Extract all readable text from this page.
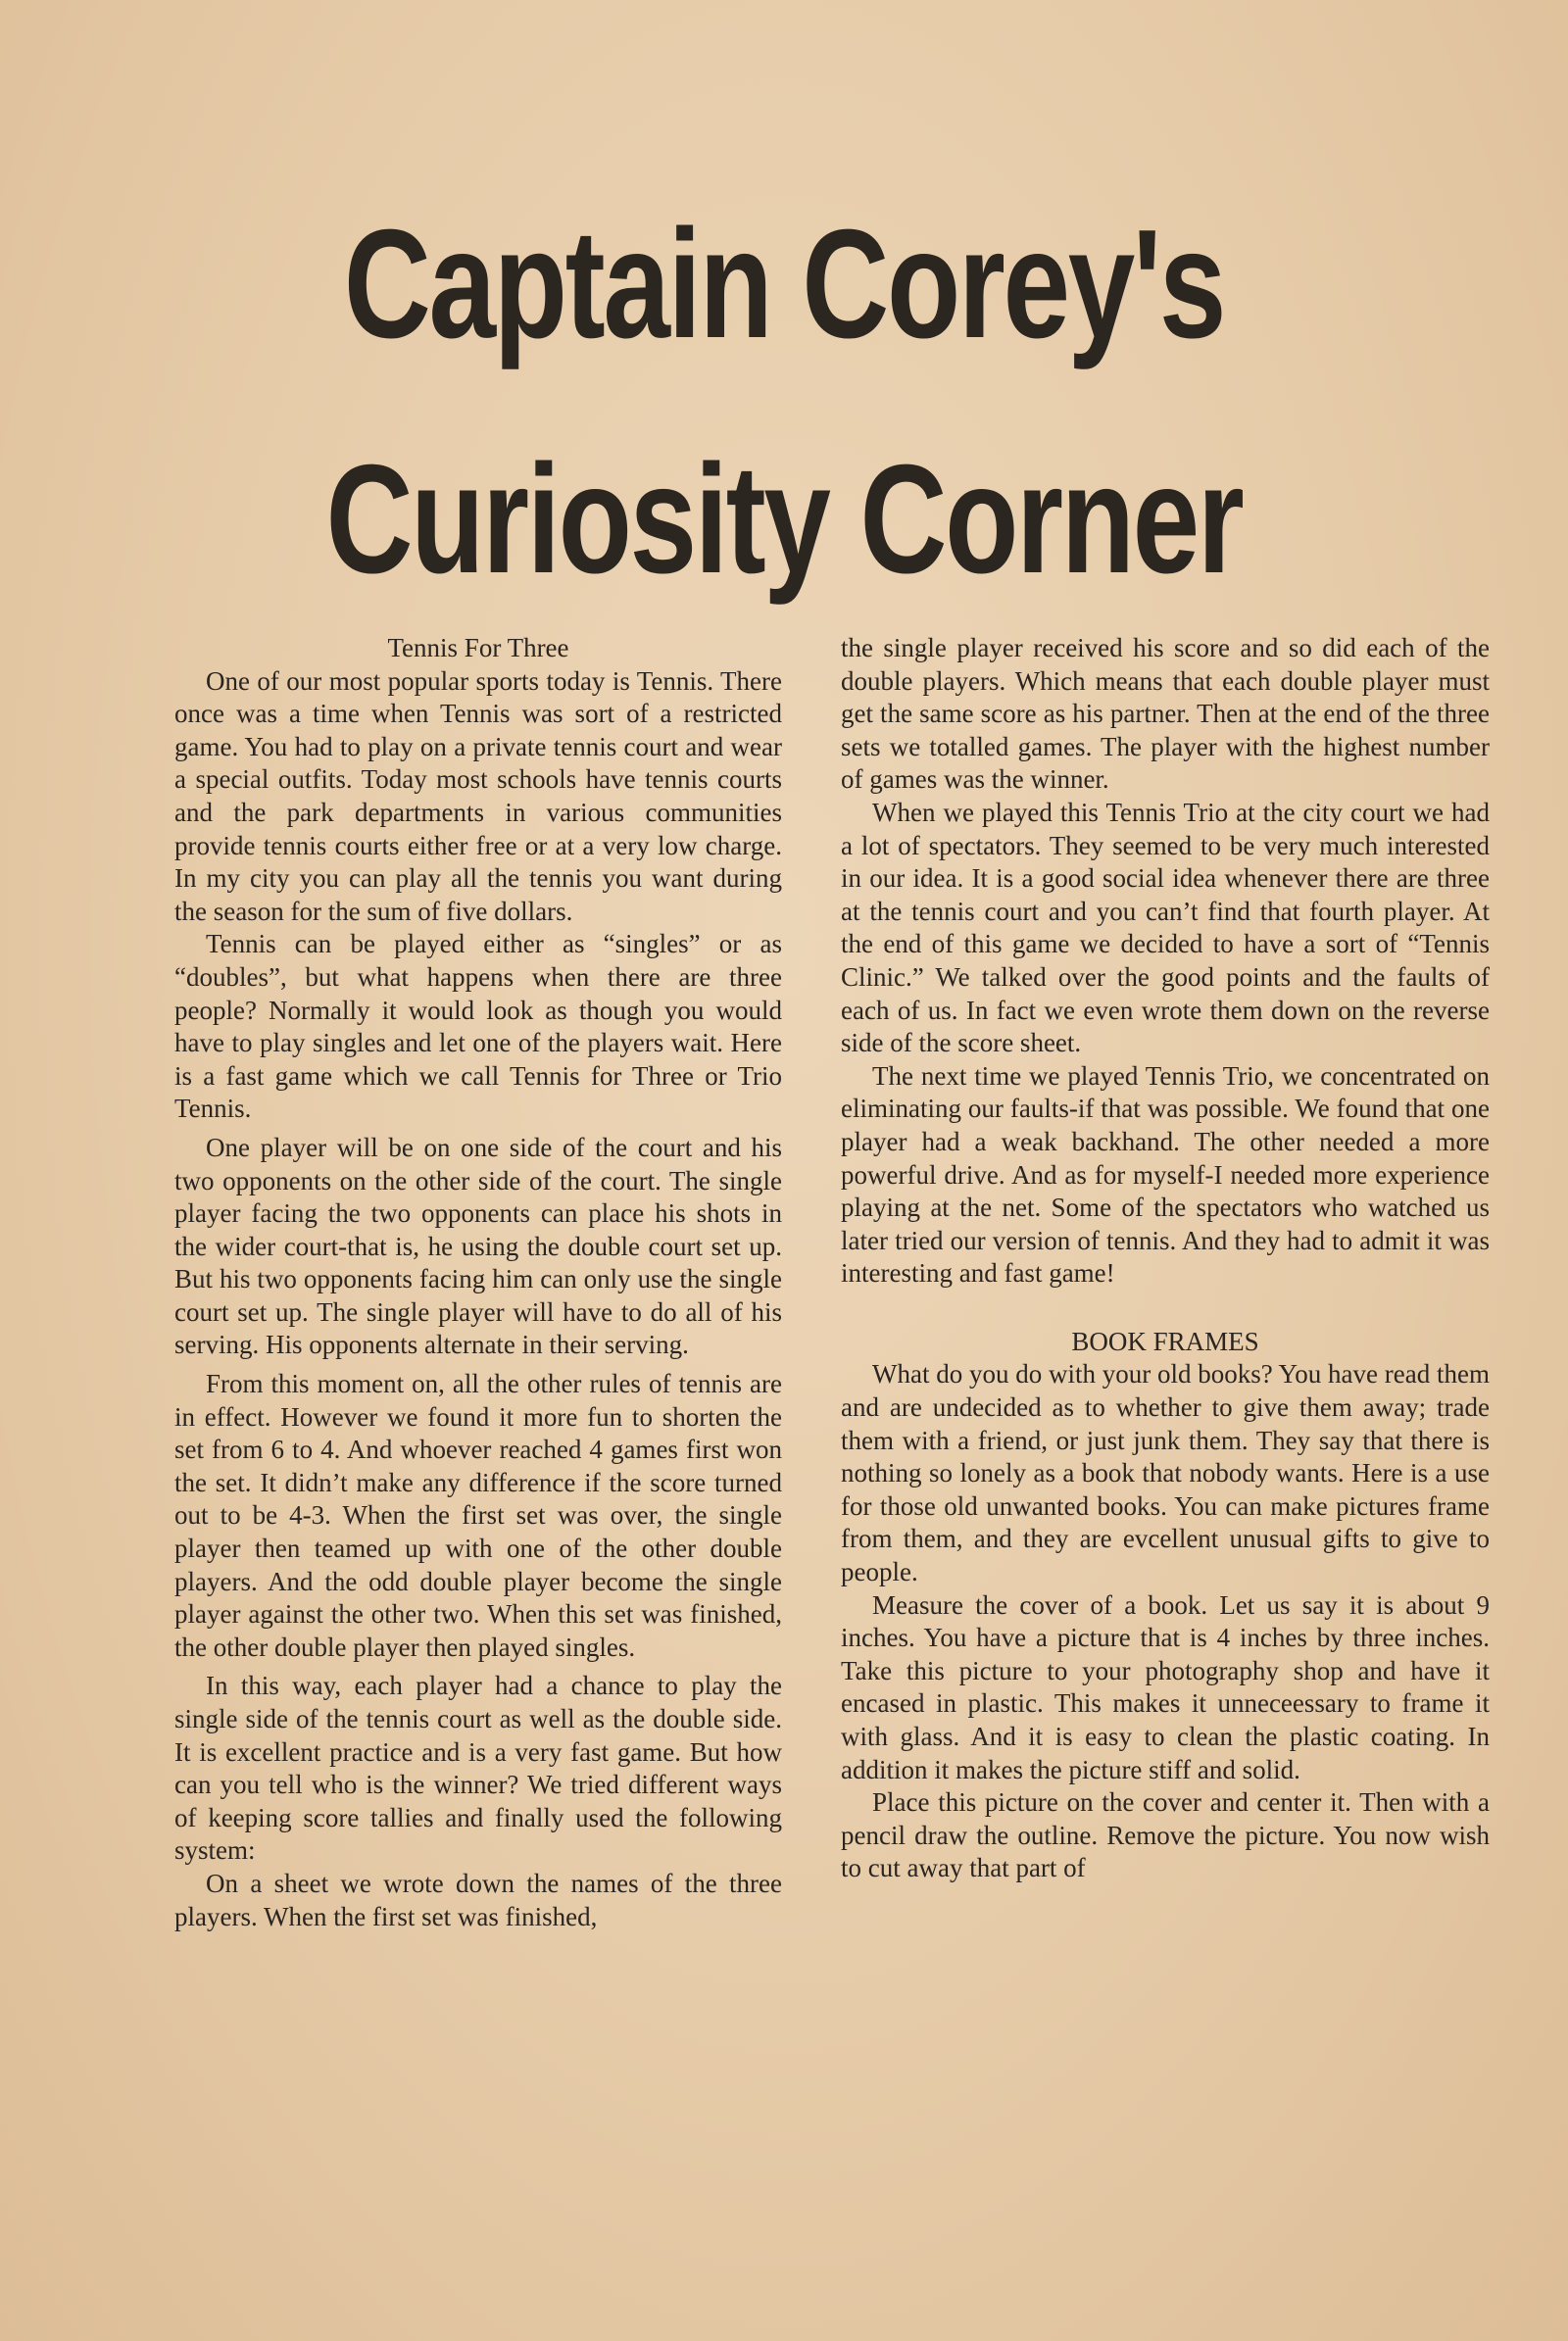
Captain Corey's
Curiosity Corner

Tennis For Three

One of our most popular sports today is Tennis. There once was a time when Tennis was sort of a restricted game. You had to play on a private tennis court and wear a special outfits. Today most schools have tennis courts and the park departments in various communities provide tennis courts either free or at a very low charge. In my city you can play all the tennis you want during the season for the sum of five dollars.

Tennis can be played either as “singles” or as “doubles”, but what happens when there are three people? Normally it would look as though you would have to play singles and let one of the players wait. Here is a fast game which we call Tennis for Three or Trio Tennis.

One player will be on one side of the court and his two opponents on the other side of the court. The single player facing the two opponents can place his shots in the wider court-that is, he using the double court set up. But his two opponents facing him can only use the single court set up. The single player will have to do all of his serving. His opponents alternate in their serving.

From this moment on, all the other rules of tennis are in effect. However we found it more fun to shorten the set from 6 to 4. And whoever reached 4 games first won the set. It didn’t make any difference if the score turned out to be 4-3. When the first set was over, the single player then teamed up with one of the other double players. And the odd double player become the single player against the other two. When this set was finished, the other double player then played singles.

In this way, each player had a chance to play the single side of the tennis court as well as the double side. It is excellent practice and is a very fast game. But how can you tell who is the winner? We tried different ways of keeping score tallies and finally used the following system:

On a sheet we wrote down the names of the three players. When the first set was finished,

the single player received his score and so did each of the double players. Which means that each double player must get the same score as his partner. Then at the end of the three sets we totalled games. The player with the highest number of games was the winner.

When we played this Tennis Trio at the city court we had a lot of spectators. They seemed to be very much interested in our idea. It is a good social idea whenever there are three at the tennis court and you can’t find that fourth player. At the end of this game we decided to have a sort of “Tennis Clinic.” We talked over the good points and the faults of each of us. In fact we even wrote them down on the reverse side of the score sheet.

The next time we played Tennis Trio, we concentrated on eliminating our faults-if that was possible. We found that one player had a weak backhand. The other needed a more powerful drive. And as for myself-I needed more experience playing at the net. Some of the spectators who watched us later tried our version of tennis. And they had to admit it was interesting and fast game!

BOOK FRAMES

What do you do with your old books? You have read them and are undecided as to whether to give them away; trade them with a friend, or just junk them. They say that there is nothing so lonely as a book that nobody wants. Here is a use for those old unwanted books. You can make pictures frame from them, and they are evcellent unusual gifts to give to people.

Measure the cover of a book. Let us say it is about 9 inches. You have a picture that is 4 inches by three inches. Take this picture to your photography shop and have it encased in plastic. This makes it unneceessary to frame it with glass. And it is easy to clean the plastic coating. In addition it makes the picture stiff and solid.

Place this picture on the cover and center it. Then with a pencil draw the outline. Remove the picture. You now wish to cut away that part of
